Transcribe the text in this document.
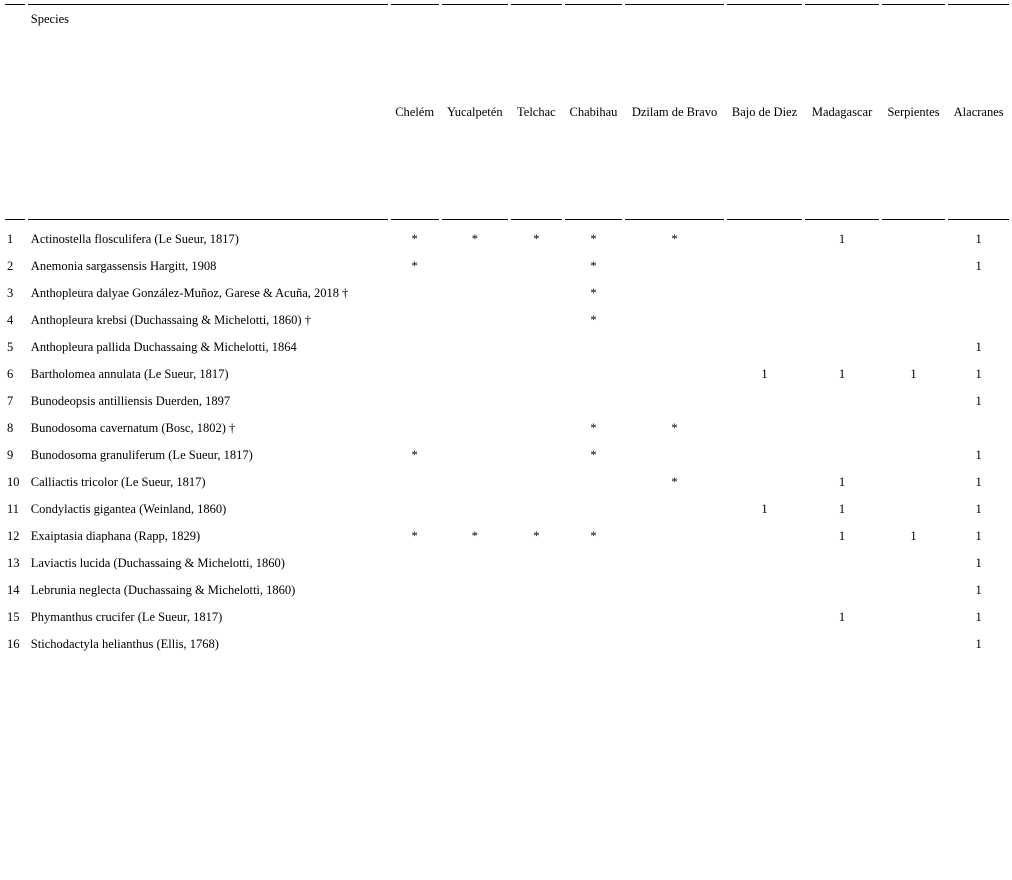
	Species	Chelém	Yucalpetén	Telchac	Chabihau	Dzilam de Bravo	Bajo de Diez	Madagascar	Serpientes	Alacranes
1	Actinostella flosculifera (Le Sueur, 1817)	*	*	*	*	*		1		1
2	Anemonia sargassensis Hargitt, 1908	*			*					1
3	Anthopleura dalyae González-Muñoz, Garese & Acuña, 2018 †				*					
4	Anthopleura krebsi (Duchassaing & Michelotti, 1860) †				*					
5	Anthopleura pallida Duchassaing & Michelotti, 1864									1
6	Bartholomea annulata (Le Sueur, 1817)						1	1	1	1
7	Bunodeopsis antilliensis Duerden, 1897									1
8	Bunodosoma cavernatum (Bosc, 1802) †				*	*				
9	Bunodosoma granuliferum (Le Sueur, 1817)	*			*					1
10	Calliactis tricolor (Le Sueur, 1817)					*		1		1
11	Condylactis gigantea (Weinland, 1860)						1	1		1
12	Exaiptasia diaphana (Rapp, 1829)	*	*	*	*			1	1	1
13	Laviactis lucida (Duchassaing & Michelotti, 1860)									1
14	Lebrunia neglecta (Duchassaing & Michelotti, 1860)									1
15	Phymanthus crucifer (Le Sueur, 1817)							1		1
16	Stichodactyla helianthus (Ellis, 1768)									1
